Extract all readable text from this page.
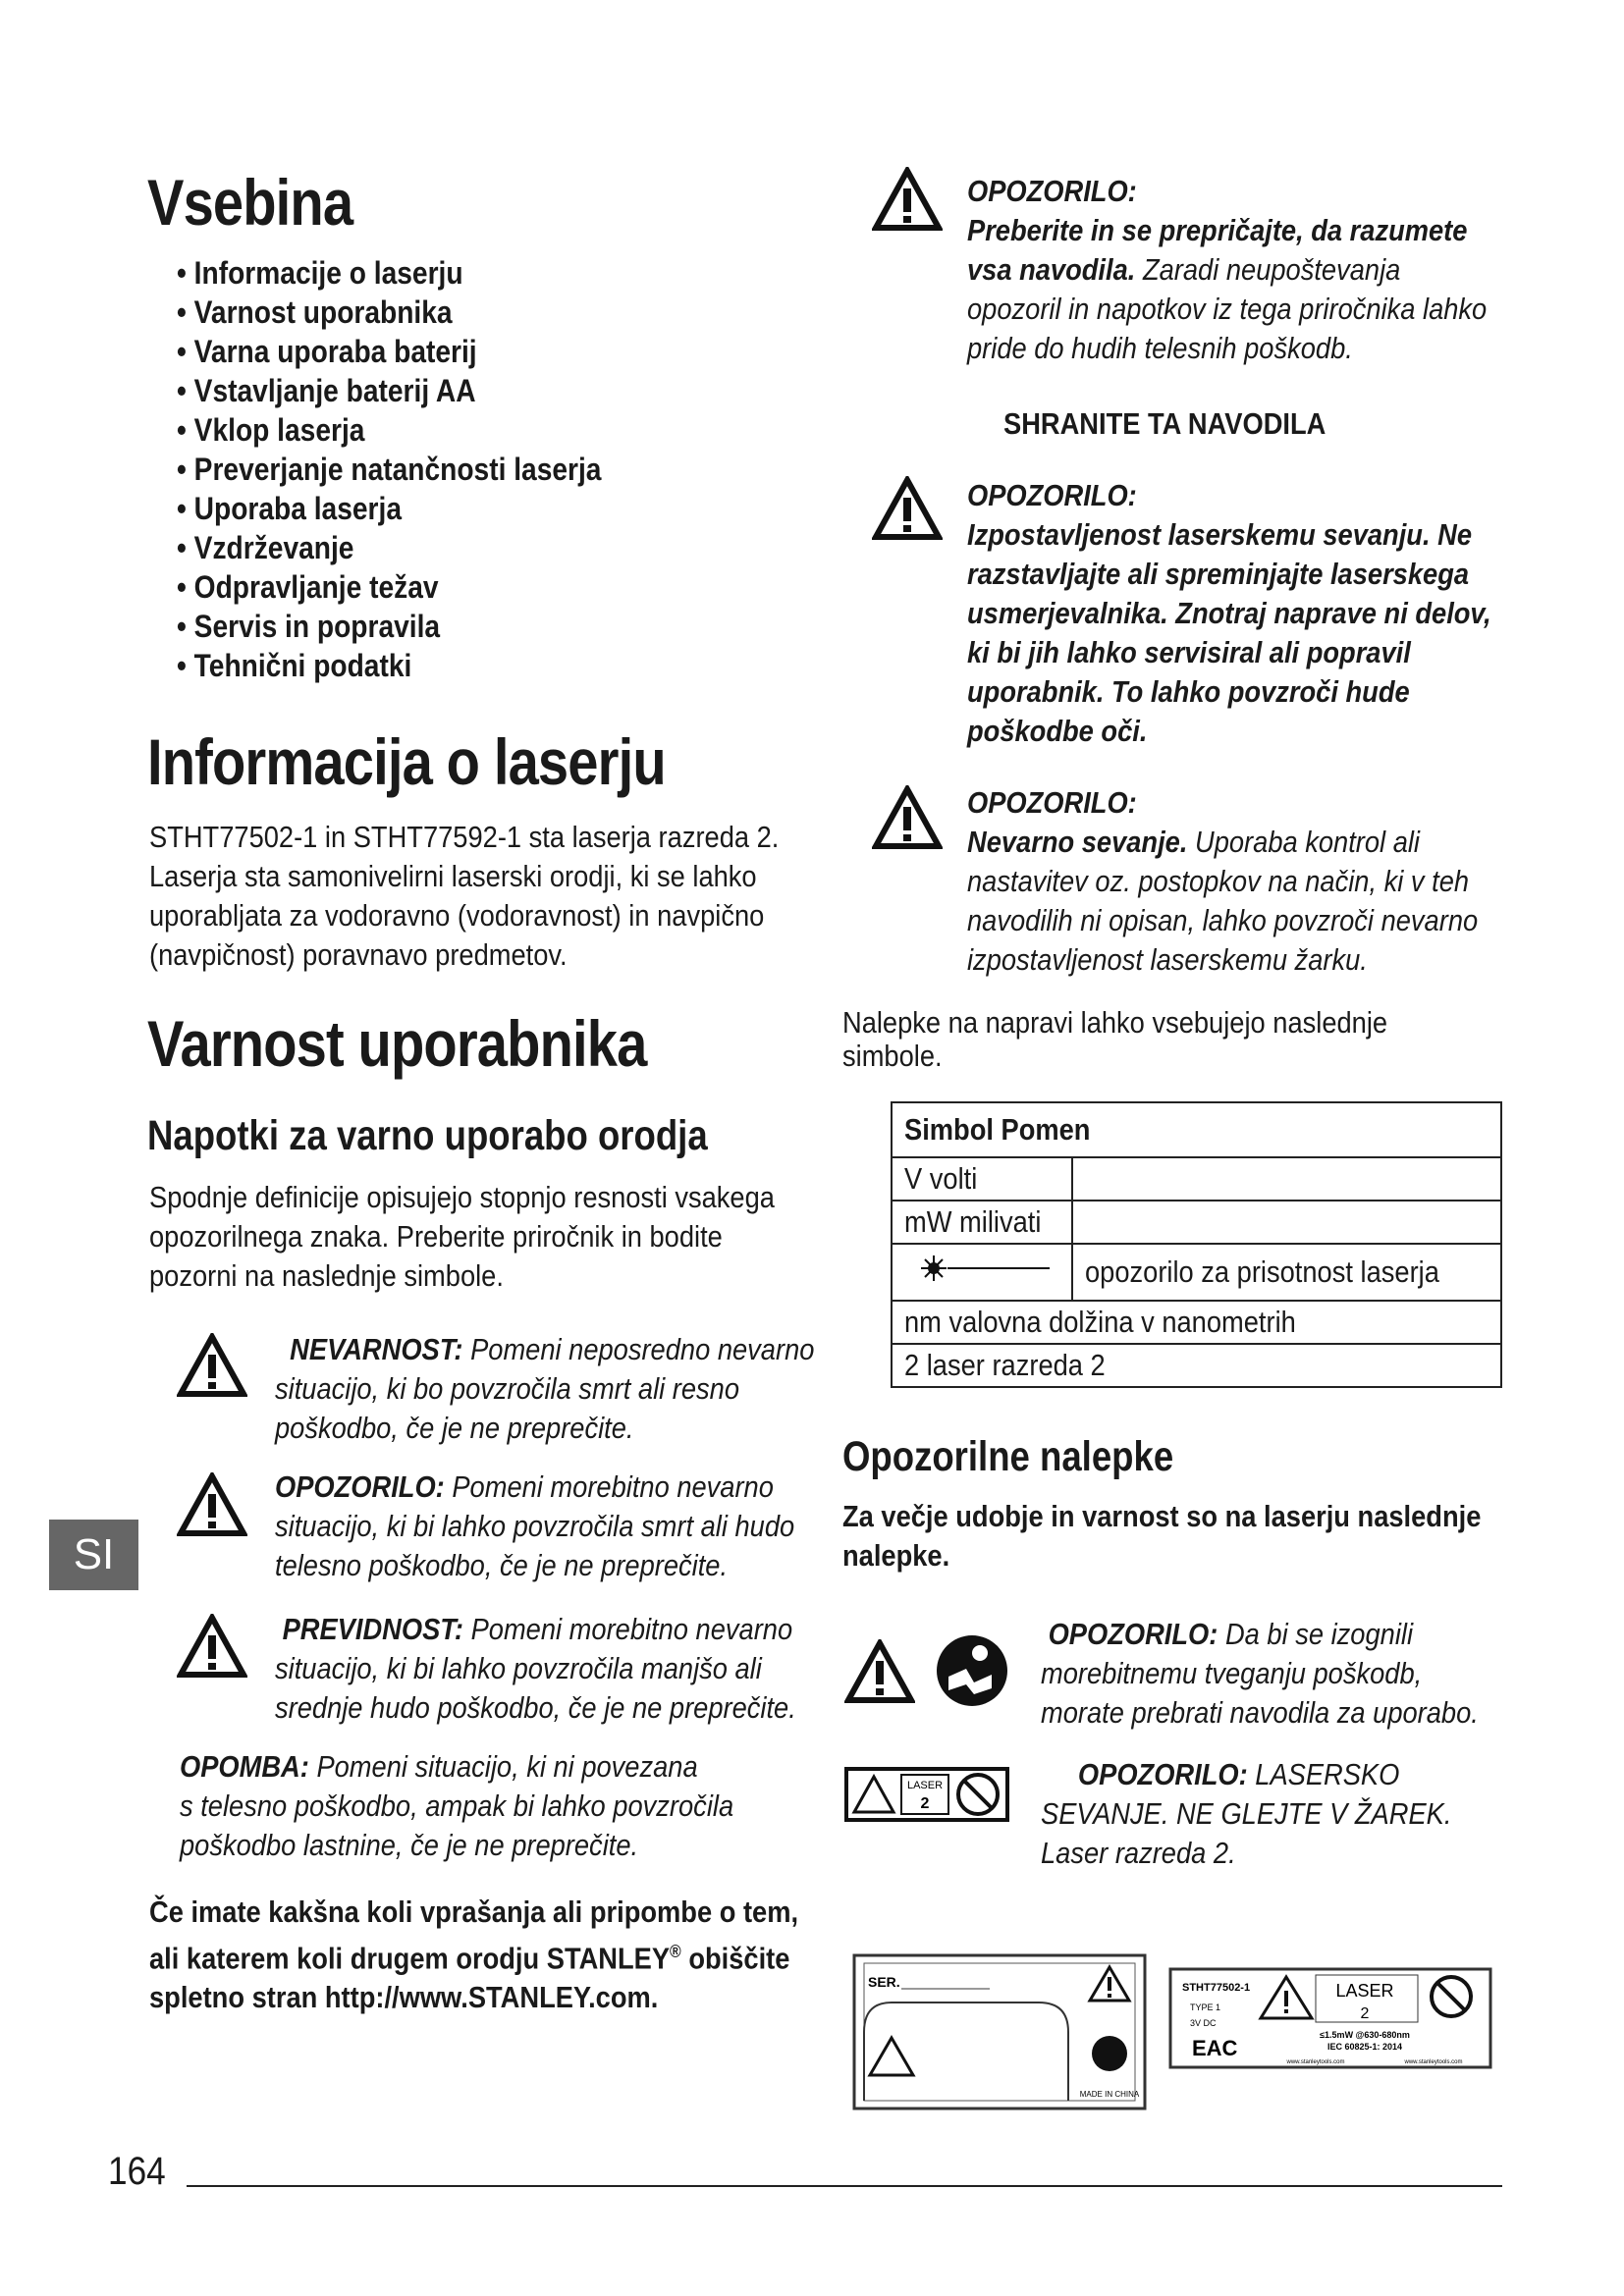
Vsebina
• Informacije o laserju
• Varnost uporabnika
• Varna uporaba baterij
• Vstavljanje baterij AA
• Vklop laserja
• Preverjanje natančnosti laserja
• Uporaba laserja
• Vzdrževanje
• Odpravljanje težav
• Servis in popravila
• Tehnični podatki
Informacija o laserju
STHT77502-1 in STHT77592-1 sta laserja razreda 2.
Laserja sta samonivelirni laserski orodji, ki se lahko
uporabljata za vodoravno (vodoravnost) in navpično
(navpičnost) poravnavo predmetov.
Varnost uporabnika
Napotki za varno uporabo orodja
Spodnje definicije opisujejo stopnjo resnosti vsakega
opozorilnega znaka. Preberite priročnik in bodite
pozorni na naslednje simbole.
NEVARNOST: Pomeni neposredno nevarno
situacijo, ki bo povzročila smrt ali resno
poškodbo, če je ne preprečite.
OPOZORILO: Pomeni morebitno nevarno
situacijo, ki bi lahko povzročila smrt ali hudo
telesno poškodbo, če je ne preprečite.
PREVIDNOST: Pomeni morebitno nevarno
situacijo, ki bi lahko povzročila manjšo ali
srednje hudo poškodbo, če je ne preprečite.
OPOMBA: Pomeni situacijo, ki ni povezana
s telesno poškodbo, ampak bi lahko povzročila
poškodbo lastnine, če je ne preprečite.
Če imate kakšna koli vprašanja ali pripombe o tem,
ali katerem koli drugem orodju STANLEY® obiščite
spletno stran http://www.STANLEY.com.
SI
OPOZORILO:
Preberite in se prepričajte, da razumete
vsa navodila. Zaradi neupoštevanja
opozoril in napotkov iz tega priročnika lahko
pride do hudih telesnih poškodb.
SHRANITE TA NAVODILA
OPOZORILO:
Izpostavljenost laserskemu sevanju. Ne
razstavljajte ali spreminjajte laserskega
usmerjevalnika. Znotraj naprave ni delov,
ki bi jih lahko servisiral ali popravil
uporabnik. To lahko povzroči hude
poškodbe oči.
OPOZORILO:
Nevarno sevanje. Uporaba kontrol ali
nastavitev oz. postopkov na način, ki v teh
navodilih ni opisan, lahko povzroči nevarno
izpostavljenost laserskemu žarku.
Nalepke na napravi lahko vsebujejo naslednje
simbole.
Simbol Pomen	
V volti	
mW milivati	
	opozorilo za prisotnost laserja
nm valovna dolžina v nanometrih	
2 laser razreda 2	
Opozorilne nalepke
Za večje udobje in varnost so na laserju naslednje
nalepke.
OPOZORILO: Da bi se izognili
morebitnemu tveganju poškodb,
morate prebrati navodila za uporabo.
LASER
2
OPOZORILO: LASERSKO
SEVANJE. NE GLEJTE V ŽAREK.
Laser razreda 2.
SER.
MADE IN CHINA
STHT77502-1
TYPE 1
3V DC
EAC
LASER
2
≤1.5mW @630-680nm
IEC 60825-1: 2014
www.stanleytools.com	www.stanleytools.com
164
